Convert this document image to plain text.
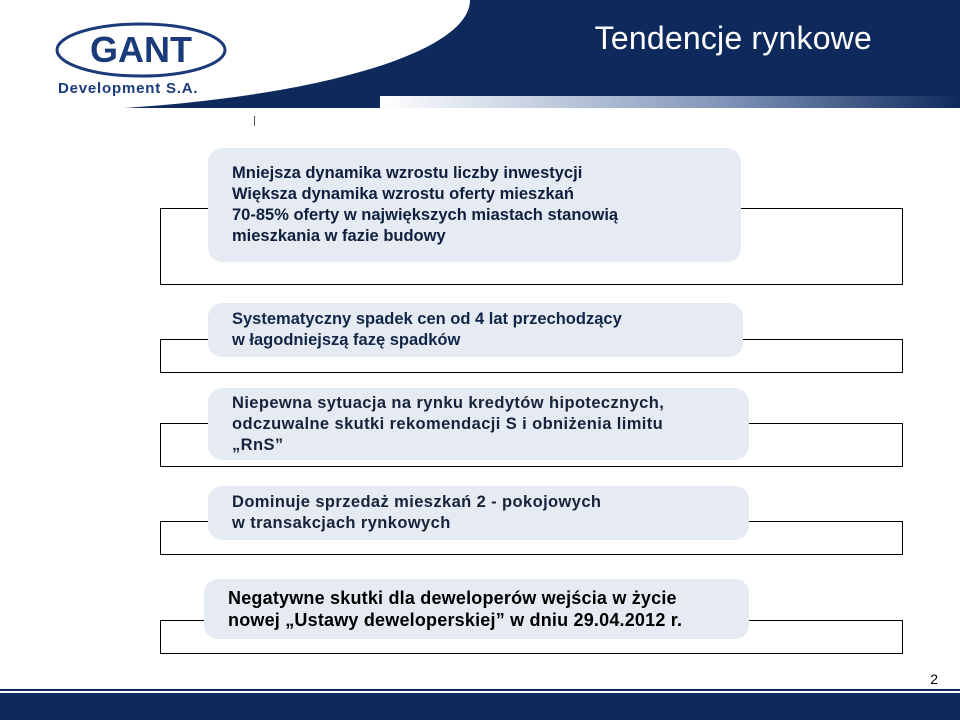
Tendencje rynkowe
GANT
Development S.A.
Mniejsza dynamika wzrostu liczby inwestycji
Większa dynamika wzrostu oferty mieszkań
70-85% oferty w największych miastach stanowią
mieszkania w fazie budowy
Systematyczny spadek cen od 4 lat przechodzący
w łagodniejszą fazę spadków
Niepewna sytuacja na rynku kredytów hipotecznych,
odczuwalne skutki rekomendacji S i obniżenia limitu
„RnS”
Dominuje sprzedaż mieszkań 2 - pokojowych
w transakcjach rynkowych
Negatywne skutki dla deweloperów wejścia w życie
nowej „Ustawy deweloperskiej” w dniu 29.04.2012 r.
2
